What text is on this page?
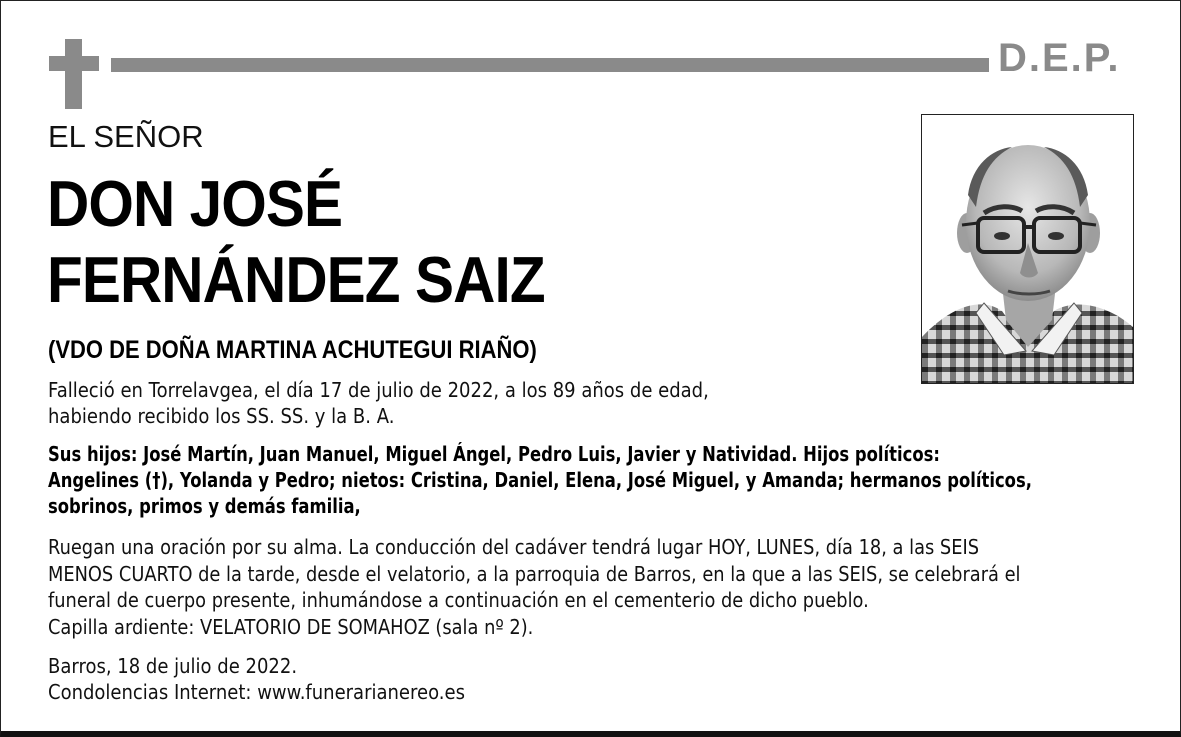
D.E.P.
EL SEÑOR
DON JOSÉ
FERNÁNDEZ SAIZ
(VDO DE DOÑA MARTINA ACHUTEGUI RIAÑO)
Falleció en Torrelavgea, el día 17 de julio de 2022, a los 89 años de edad,
habiendo recibido los SS. SS. y la B. A.
Sus hijos: José Martín, Juan Manuel, Miguel Ángel, Pedro Luis, Javier y Natividad. Hijos políticos:
Angelines (†), Yolanda y Pedro; nietos: Cristina, Daniel, Elena, José Miguel, y Amanda; hermanos políticos,
sobrinos, primos y demás familia,
Ruegan una oración por su alma. La conducción del cadáver tendrá lugar HOY, LUNES, día 18, a las SEIS
MENOS CUARTO de la tarde, desde el velatorio, a la parroquia de Barros, en la que a las SEIS, se celebrará el
funeral de cuerpo presente, inhumándose a continuación en el cementerio de dicho pueblo.
Capilla ardiente: VELATORIO DE SOMAHOZ (sala nº 2).
Barros, 18 de julio de 2022.
Condolencias Internet: www.funerarianereo.es
